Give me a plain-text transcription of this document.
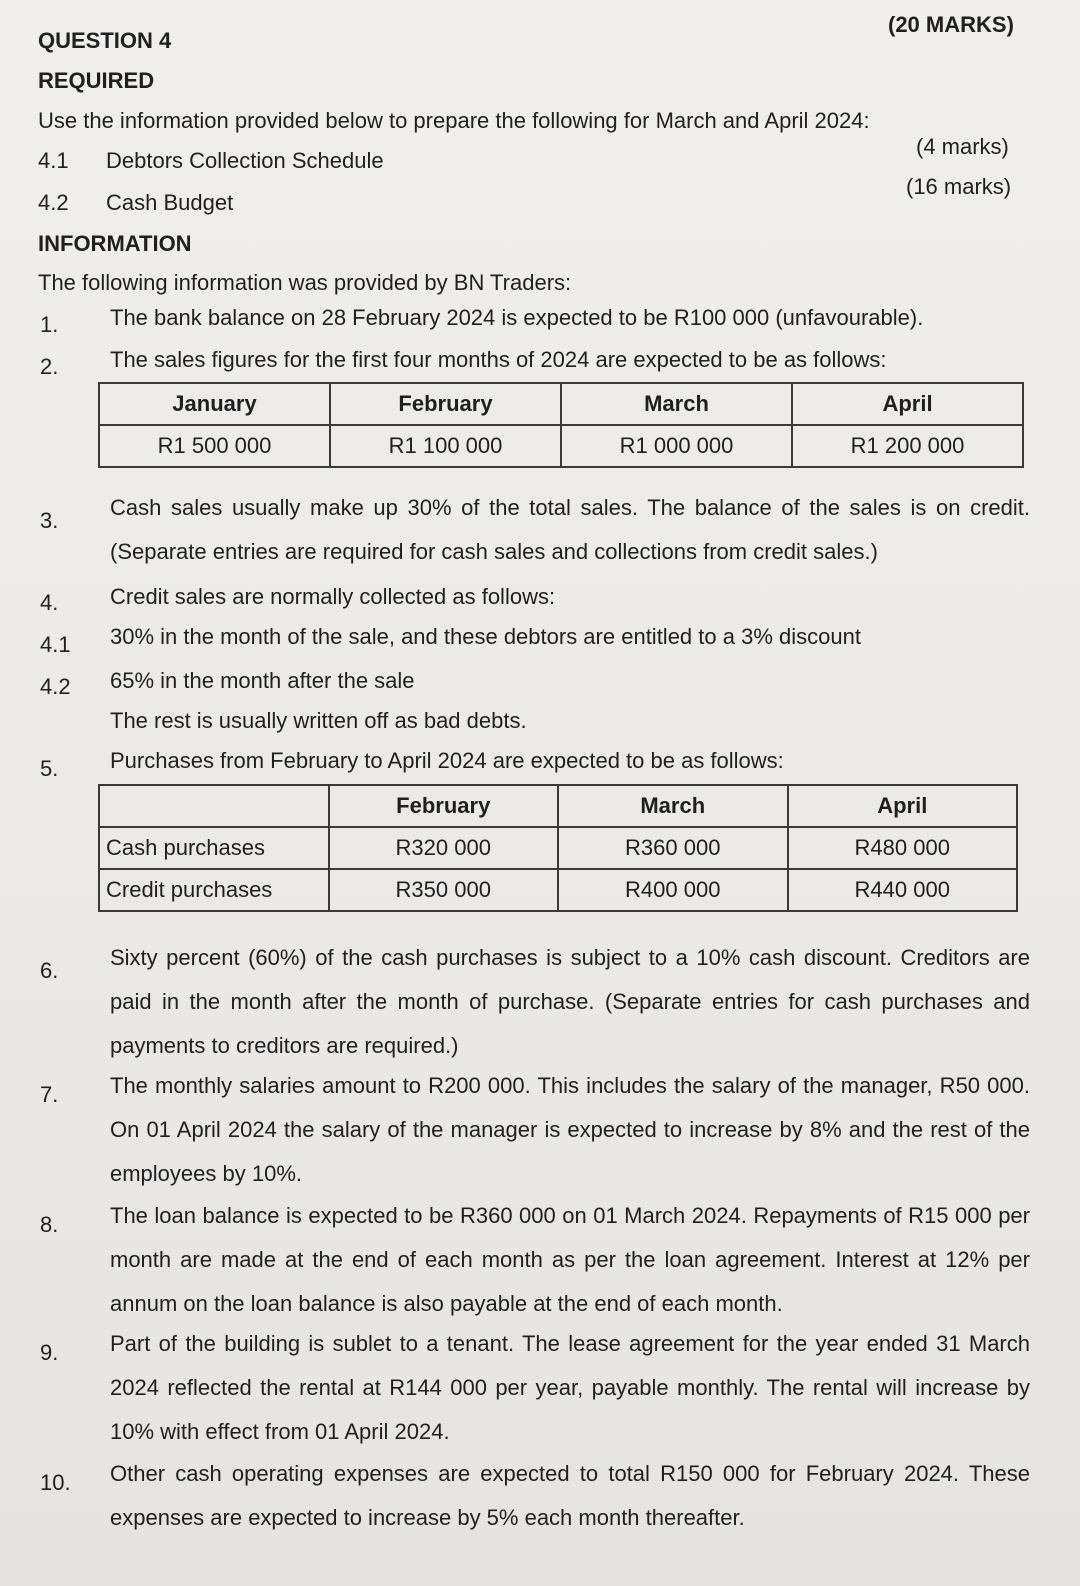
QUESTION 4
(20 MARKS)
REQUIRED
Use the information provided below to prepare the following for March and April 2024:
4.1 Debtors Collection Schedule
(4 marks)
4.2 Cash Budget
(16 marks)
INFORMATION
The following information was provided by BN Traders:
1. The bank balance on 28 February 2024 is expected to be R100 000 (unfavourable).
2. The sales figures for the first four months of 2024 are expected to be as follows:
January	February	March	April
R1 500 000	R1 100 000	R1 000 000	R1 200 000
3.
Cash sales usually make up 30% of the total sales. The balance of the sales is on credit. (Separate entries are required for cash sales and collections from credit sales.)
4. Credit sales are normally collected as follows:
4.1 30% in the month of the sale, and these debtors are entitled to a 3% discount
4.2 65% in the month after the sale
The rest is usually written off as bad debts.
5. Purchases from February to April 2024 are expected to be as follows:
	February	March	April
Cash purchases	R320 000	R360 000	R480 000
Credit purchases	R350 000	R400 000	R440 000
6.
Sixty percent (60%) of the cash purchases is subject to a 10% cash discount. Creditors are paid in the month after the month of purchase. (Separate entries for cash purchases and payments to creditors are required.)
7. The monthly salaries amount to R200 000. This includes the salary of the manager, R50 000. On 01 April 2024 the salary of the manager is expected to increase by 8% and the rest of the employees by 10%.
8. The loan balance is expected to be R360 000 on 01 March 2024. Repayments of R15 000 per month are made at the end of each month as per the loan agreement. Interest at 12% per annum on the loan balance is also payable at the end of each month.
9. Part of the building is sublet to a tenant. The lease agreement for the year ended 31 March 2024 reflected the rental at R144 000 per year, payable monthly. The rental will increase by 10% with effect from 01 April 2024.
10. Other cash operating expenses are expected to total R150 000 for February 2024. These expenses are expected to increase by 5% each month thereafter.
